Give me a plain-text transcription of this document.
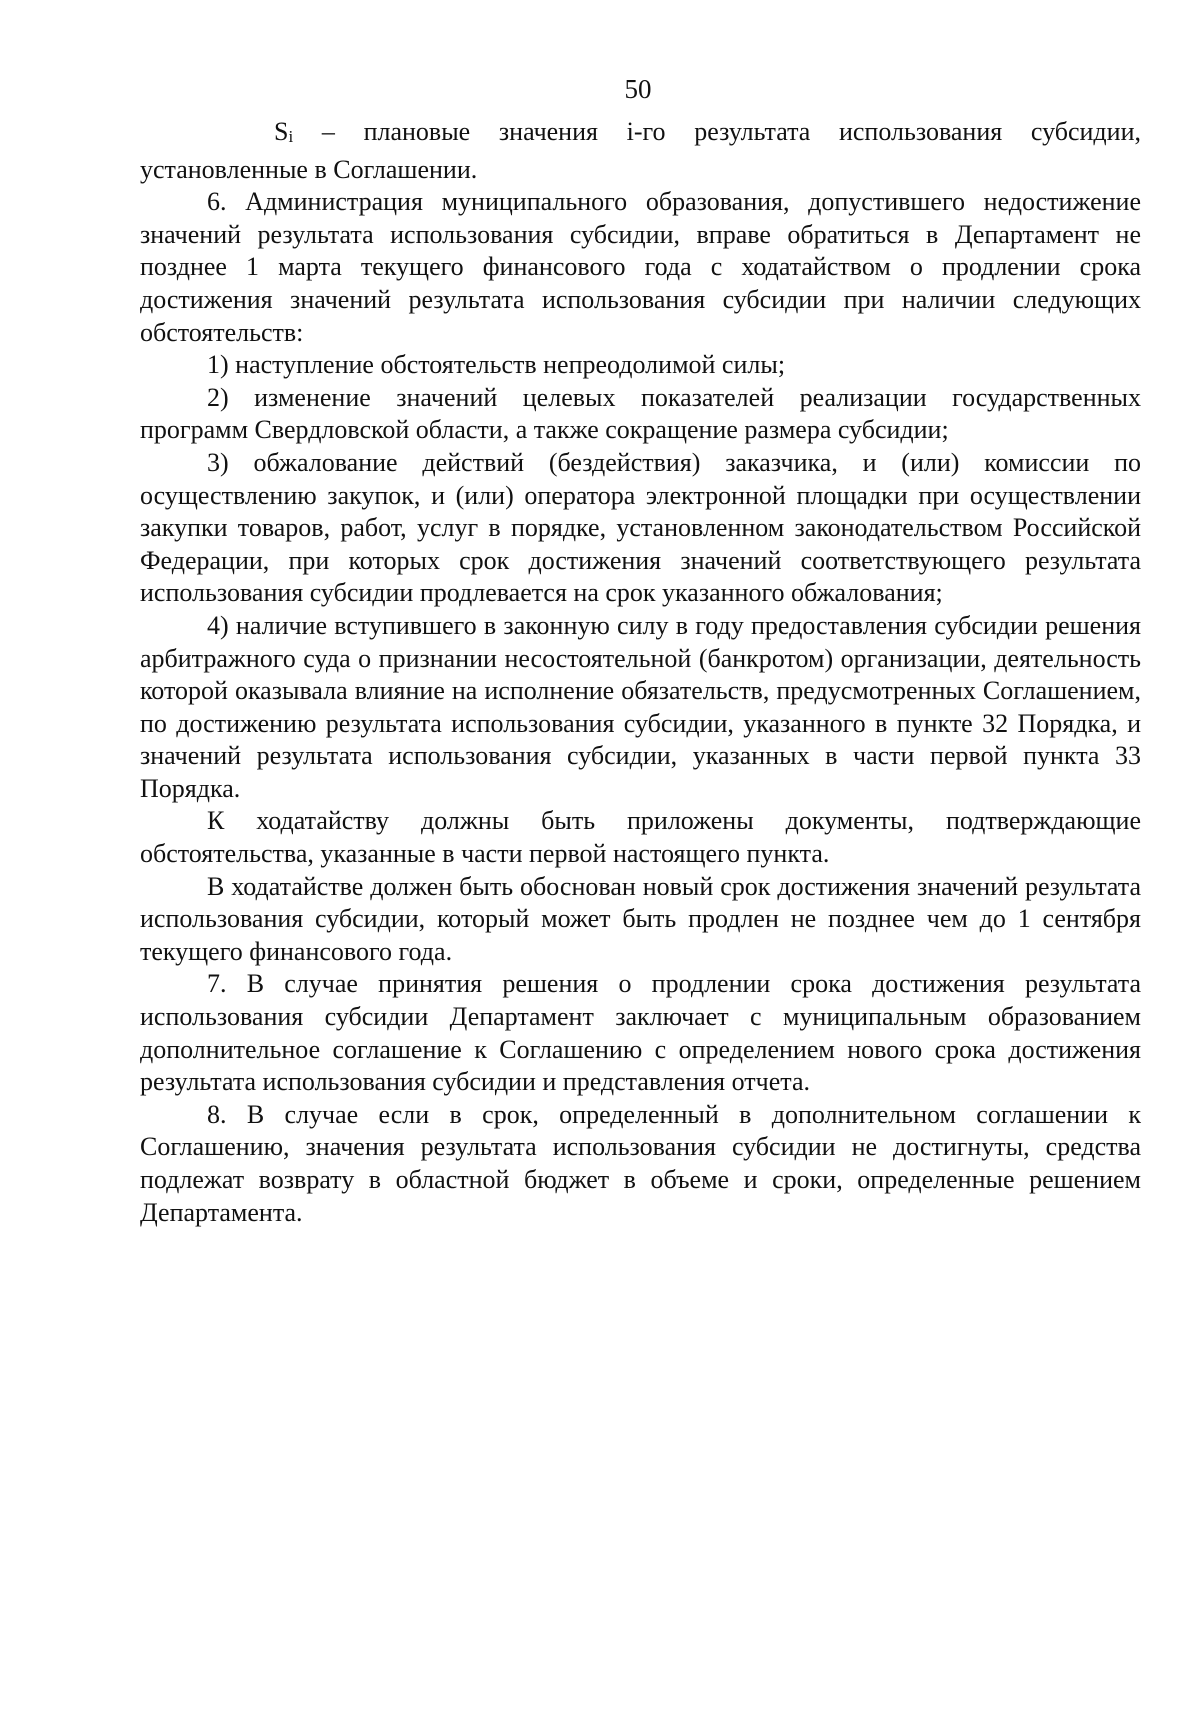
50

Si – плановые значения i-го результата использования субсидии, установленные в Соглашении.

6. Администрация муниципального образования, допустившего недостижение значений результата использования субсидии, вправе обратиться в Департамент не позднее 1 марта текущего финансового года с ходатайством о продлении срока достижения значений результата использования субсидии при наличии следующих обстоятельств:

1) наступление обстоятельств непреодолимой силы;

2) изменение значений целевых показателей реализации государственных программ Свердловской области, а также сокращение размера субсидии;

3) обжалование действий (бездействия) заказчика, и (или) комиссии по осуществлению закупок, и (или) оператора электронной площадки при осуществлении закупки товаров, работ, услуг в порядке, установленном законодательством Российской Федерации, при которых срок достижения значений соответствующего результата использования субсидии продлевается на срок указанного обжалования;

4) наличие вступившего в законную силу в году предоставления субсидии решения арбитражного суда о признании несостоятельной (банкротом) организации, деятельность которой оказывала влияние на исполнение обязательств, предусмотренных Соглашением, по достижению результата использования субсидии, указанного в пункте 32 Порядка, и значений результата использования субсидии, указанных в части первой пункта 33 Порядка.

К ходатайству должны быть приложены документы, подтверждающие обстоятельства, указанные в части первой настоящего пункта.

В ходатайстве должен быть обоснован новый срок достижения значений результата использования субсидии, который может быть продлен не позднее чем до 1 сентября текущего финансового года.

7. В случае принятия решения о продлении срока достижения результата использования субсидии Департамент заключает с муниципальным образованием дополнительное соглашение к Соглашению с определением нового срока достижения результата использования субсидии и представления отчета.

8. В случае если в срок, определенный в дополнительном соглашении к Соглашению, значения результата использования субсидии не достигнуты, средства подлежат возврату в областной бюджет в объеме и сроки, определенные решением Департамента.
